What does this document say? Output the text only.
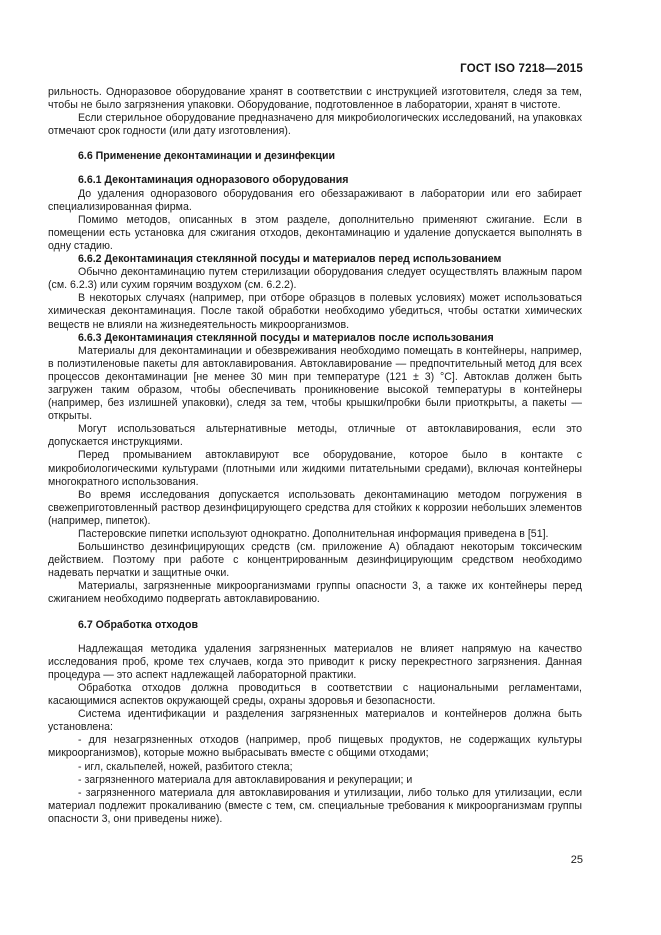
ГОСТ ISO 7218—2015
рильность. Одноразовое оборудование хранят в соответствии с инструкцией изготовителя, следя за тем, чтобы не было загрязнения упаковки. Оборудование, подготовленное в лаборатории, хранят в чистоте.
Если стерильное оборудование предназначено для микробиологических исследований, на упаковках отмечают срок годности (или дату изготовления).
6.6 Применение деконтаминации и дезинфекции
6.6.1 Деконтаминация одноразового оборудования
До удаления одноразового оборудования его обеззараживают в лаборатории или его забирает специализированная фирма.
Помимо методов, описанных в этом разделе, дополнительно применяют сжигание. Если в помещении есть установка для сжигания отходов, деконтаминацию и удаление допускается выполнять в одну стадию.
6.6.2 Деконтаминация стеклянной посуды и материалов перед использованием
Обычно деконтаминацию путем стерилизации оборудования следует осуществлять влажным паром (см. 6.2.3) или сухим горячим воздухом (см. 6.2.2).
В некоторых случаях (например, при отборе образцов в полевых условиях) может использоваться химическая деконтаминация. После такой обработки необходимо убедиться, чтобы остатки химических веществ не влияли на жизнедеятельность микроорганизмов.
6.6.3 Деконтаминация стеклянной посуды и материалов после использования
Материалы для деконтаминации и обезвреживания необходимо помещать в контейнеры, например, в полиэтиленовые пакеты для автоклавирования. Автоклавирование — предпочтительный метод для всех процессов деконтаминации [не менее 30 мин при температуре (121 ± 3) °С]. Автоклав должен быть загружен таким образом, чтобы обеспечивать проникновение высокой температуры в контейнеры (например, без излишней упаковки), следя за тем, чтобы крышки/пробки были приоткрыты, а пакеты — открыты.
Могут использоваться альтернативные методы, отличные от автоклавирования, если это допускается инструкциями.
Перед промыванием автоклавируют все оборудование, которое было в контакте с микробиологическими культурами (плотными или жидкими питательными средами), включая контейнеры многократного использования.
Во время исследования допускается использовать деконтаминацию методом погружения в свежеприготовленный раствор дезинфицирующего средства для стойких к коррозии небольших элементов (например, пипеток).
Пастеровские пипетки используют однократно. Дополнительная информация приведена в [51].
Большинство дезинфицирующих средств (см. приложение А) обладают некоторым токсическим действием. Поэтому при работе с концентрированным дезинфицирующим средством необходимо надевать перчатки и защитные очки.
Материалы, загрязненные микроорганизмами группы опасности 3, а также их контейнеры перед сжиганием необходимо подвергать автоклавированию.
6.7 Обработка отходов
Надлежащая методика удаления загрязненных материалов не влияет напрямую на качество исследования проб, кроме тех случаев, когда это приводит к риску перекрестного загрязнения. Данная процедура — это аспект надлежащей лабораторной практики.
Обработка отходов должна проводиться в соответствии с национальными регламентами, касающимися аспектов окружающей среды, охраны здоровья и безопасности.
Система идентификации и разделения загрязненных материалов и контейнеров должна быть установлена:
- для незагрязненных отходов (например, проб пищевых продуктов, не содержащих культуры микроорганизмов), которые можно выбрасывать вместе с общими отходами;
- игл, скальпелей, ножей, разбитого стекла;
- загрязненного материала для автоклавирования и рекуперации; и
- загрязненного материала для автоклавирования и утилизации, либо только для утилизации, если материал подлежит прокаливанию (вместе с тем, см. специальные требования к микроорганизмам группы опасности 3, они приведены ниже).
25
